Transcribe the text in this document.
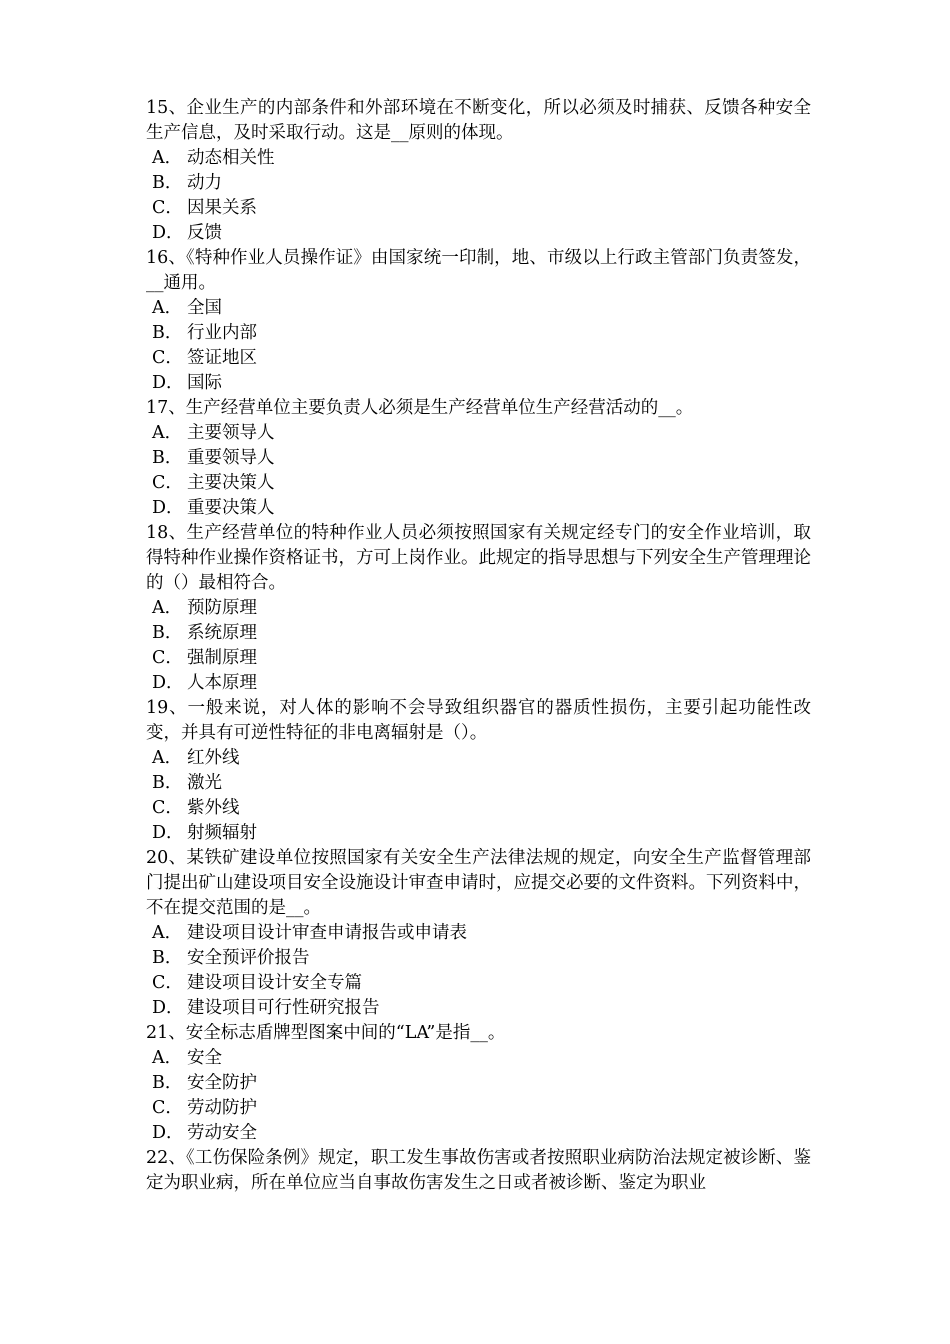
15、企业生产的内部条件和外部环境在不断变化，所以必须及时捕获、反馈各种安全生产信息，及时采取行动。这是__原则的体现。
A． 动态相关性
B． 动力
C． 因果关系
D． 反馈
16、《特种作业人员操作证》由国家统一印制，地、市级以上行政主管部门负责签发，__通用。
A． 全国
B． 行业内部
C． 签证地区
D． 国际
17、生产经营单位主要负责人必须是生产经营单位生产经营活动的__。
A． 主要领导人
B． 重要领导人
C． 主要决策人
D． 重要决策人
18、生产经营单位的特种作业人员必须按照国家有关规定经专门的安全作业培训，取得特种作业操作资格证书，方可上岗作业。此规定的指导思想与下列安全生产管理理论的（）最相符合。
A． 预防原理
B． 系统原理
C． 强制原理
D． 人本原理
19、一般来说，对人体的影响不会导致组织器官的器质性损伤，主要引起功能性改变，并具有可逆性特征的非电离辐射是（）。
A． 红外线
B． 激光
C． 紫外线
D． 射频辐射
20、某铁矿建设单位按照国家有关安全生产法律法规的规定，向安全生产监督管理部门提出矿山建设项目安全设施设计审查申请时，应提交必要的文件资料。下列资料中，不在提交范围的是__。
A． 建设项目设计审查申请报告或申请表
B． 安全预评价报告
C． 建设项目设计安全专篇
D． 建设项目可行性研究报告
21、安全标志盾牌型图案中间的“LA”是指__。
A． 安全
B． 安全防护
C． 劳动防护
D． 劳动安全
22、《工伤保险条例》规定，职工发生事故伤害或者按照职业病防治法规定被诊断、鉴定为职业病，所在单位应当自事故伤害发生之日或者被诊断、鉴定为职业
